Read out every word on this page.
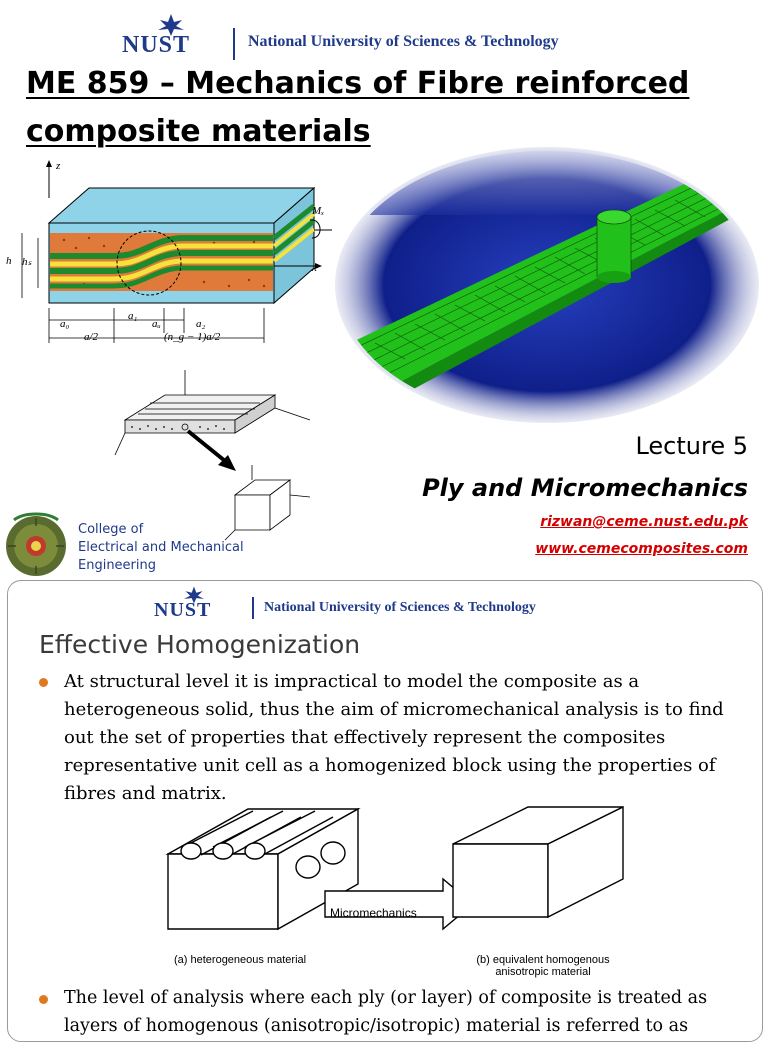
NUST	National University of Sciences & Technology
ME 859 – Mechanics of Fibre reinforced
composite materials
z
h hₛ	x
Mₓ
a₀
a₁
aᵤ	a₂
a/2	(n_g − 1)a/2
Lecture 5
Ply and Micromechanics
rizwan@ceme.nust.edu.pk
www.cemecomposites.com
College of
Electrical and Mechanical
Engineering
NUST	National University of Sciences & Technology
Effective Homogenization
At structural level it is impractical to model the composite as a heterogeneous solid, thus the aim of micromechanical analysis is to find out the set of properties that effectively represent the composites representative unit cell as a homogenized block using the properties of fibres and matrix.
Micromechanics
(a) heterogeneous material	(b) equivalent homogenous
anisotropic material
The level of analysis where each ply (or layer) of composite is treated as
layers of homogenous (anisotropic/isotropic) material is referred to as
